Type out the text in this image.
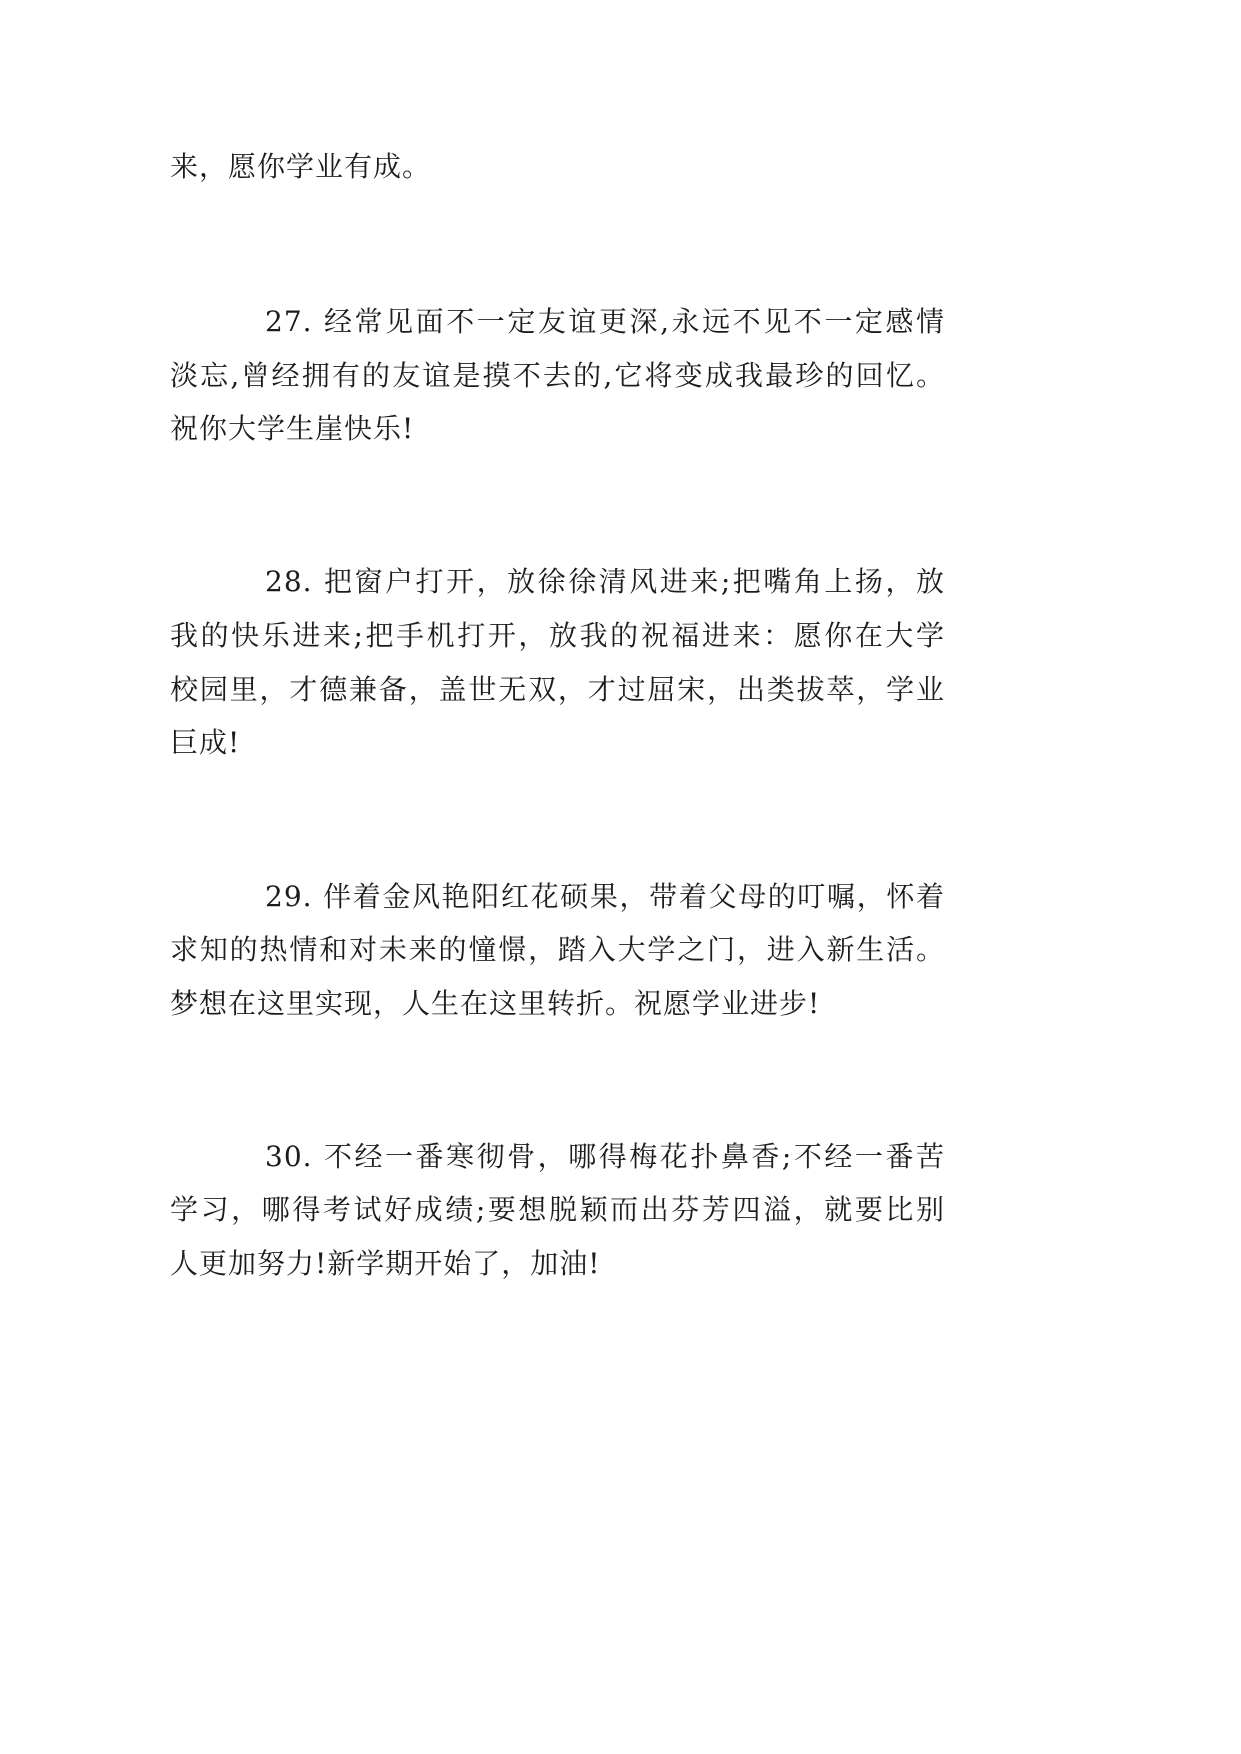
来，愿你学业有成。
27. 经常见面不一定友谊更深,永远不见不一定感情
淡忘,曾经拥有的友谊是摸不去的,它将变成我最珍的回忆。
祝你大学生崖快乐!
28. 把窗户打开，放徐徐清风进来;把嘴角上扬，放
我的快乐进来;把手机打开，放我的祝福进来：愿你在大学
校园里，才德兼备，盖世无双，才过屈宋，出类拔萃，学业
巨成!
29. 伴着金风艳阳红花硕果，带着父母的叮嘱，怀着
求知的热情和对未来的憧憬，踏入大学之门，进入新生活。
梦想在这里实现，人生在这里转折。祝愿学业进步!
30. 不经一番寒彻骨，哪得梅花扑鼻香;不经一番苦
学习，哪得考试好成绩;要想脱颖而出芬芳四溢，就要比别
人更加努力!新学期开始了，加油!
